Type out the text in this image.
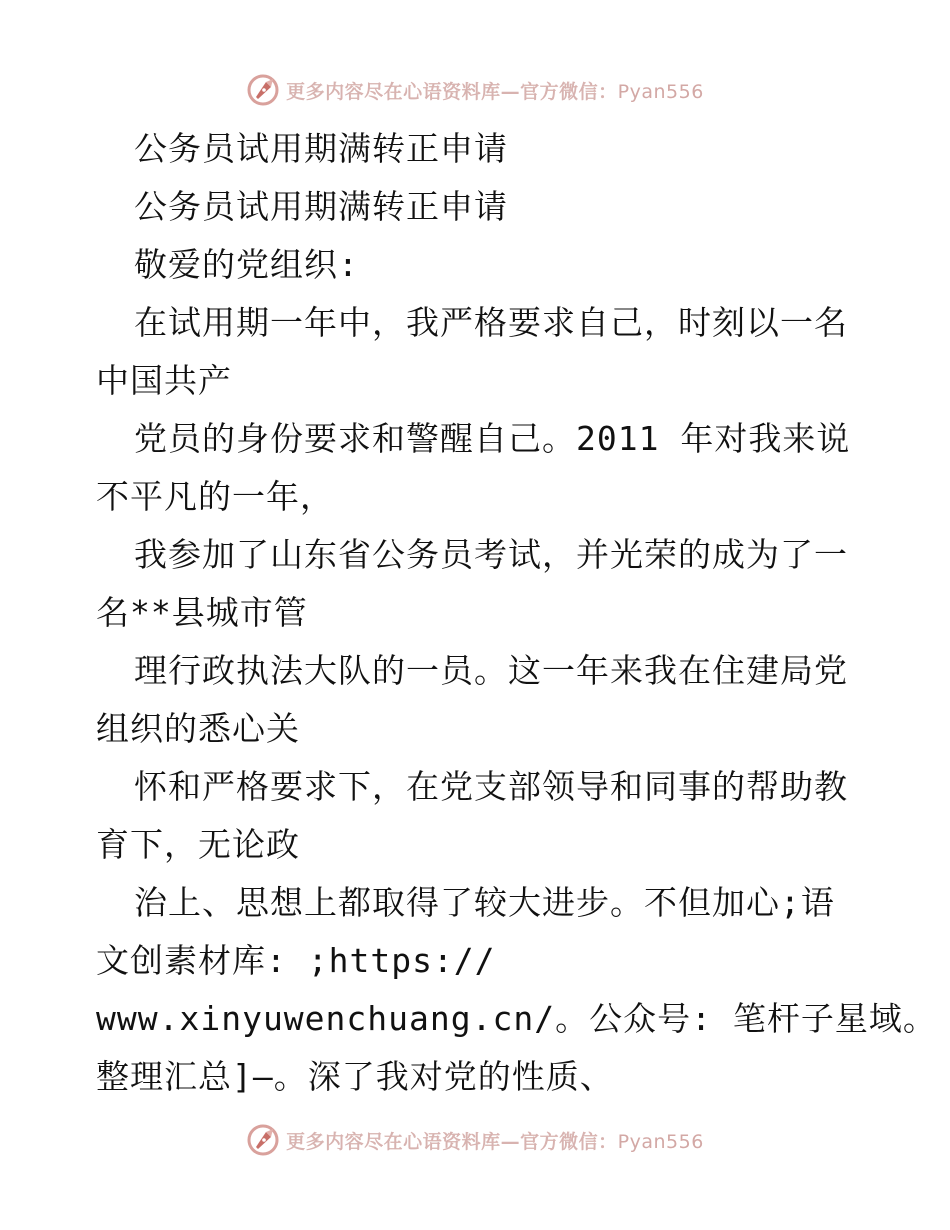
更多内容尽在心语资料库—官方微信：Pyan556
公务员试用期满转正申请
公务员试用期满转正申请
敬爱的党组织:
在试用期一年中，我严格要求自己，时刻以一名
中国共产
党员的身份要求和警醒自己。2011 年对我来说
不平凡的一年，
我参加了山东省公务员考试，并光荣的成为了一
名**县城市管
理行政执法大队的一员。这一年来我在住建局党
组织的悉心关
怀和严格要求下，在党支部领导和同事的帮助教
育下，无论政
治上、思想上都取得了较大进步。不但加心;语
文创素材库: ;https://
www.xinyuwenchuang.cn/。公众号: 笔杆子星域。
整理汇总]—。深了我对党的性质、
更多内容尽在心语资料库—官方微信：Pyan556
